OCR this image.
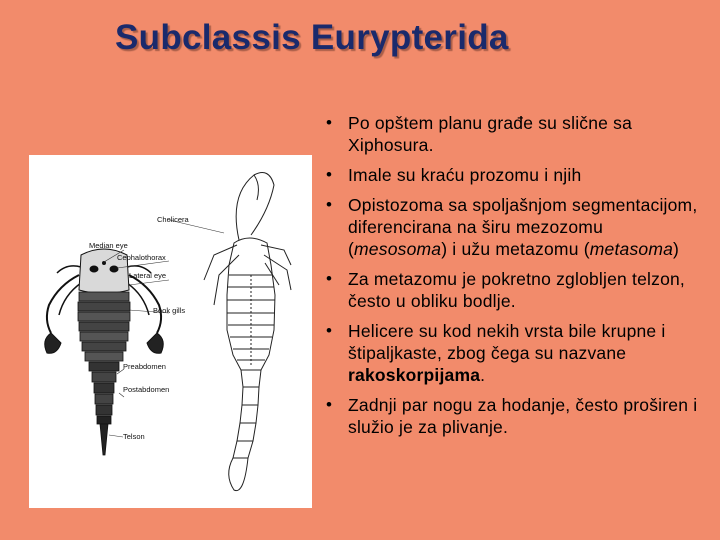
Subclassis Eurypterida
Chelicera
Median eye
Cephalothorax
Lateral eye
Book gills
Preabdomen
Postabdomen
Telson
• Po opštem planu građe su slične sa Xiphosura.
• Imale su kraću prozomu i njih
• Opistozoma sa spoljašnjom segmentacijom, diferencirana na širu mezozomu (mesosoma) i užu metazomu (metasoma)
• Za metazomu je pokretno zglobljen telzon, često u obliku bodlje.
• Helicere su kod nekih vrsta bile krupne i štipaljkaste, zbog čega su nazvane rakoskorpijama.
• Zadnji par nogu za hodanje, često proširen i služio je za plivanje.
